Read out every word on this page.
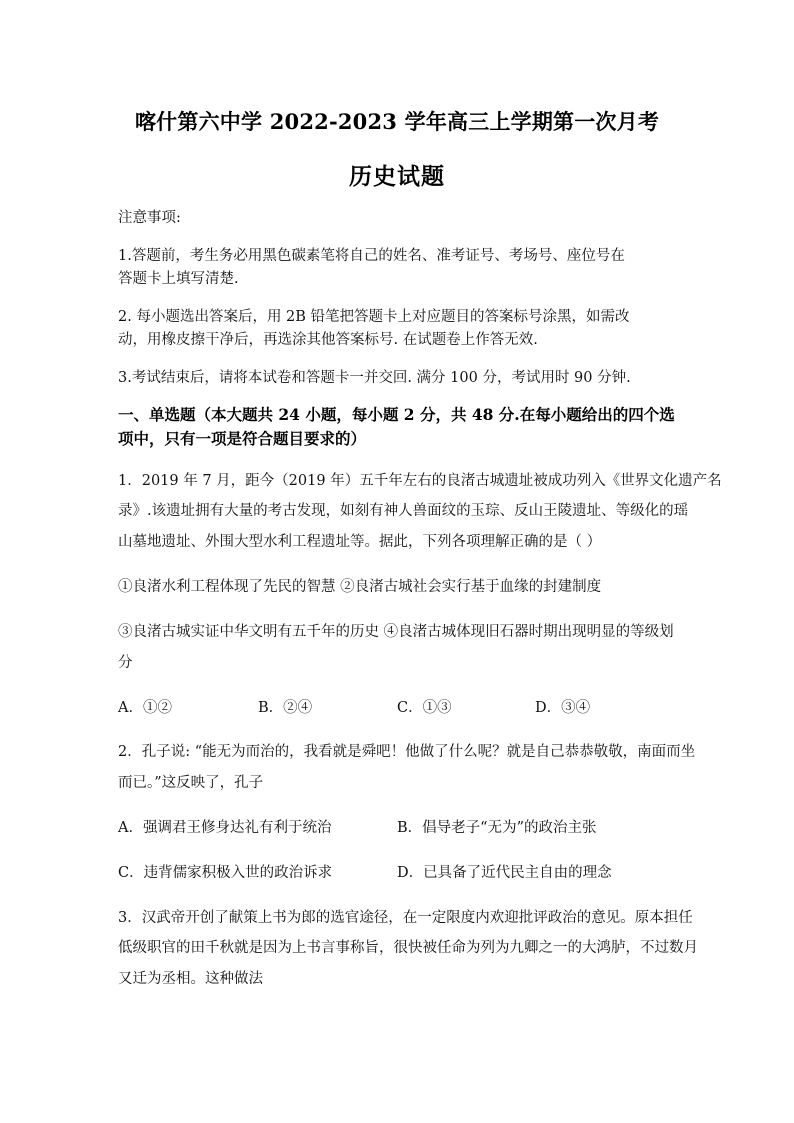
喀什第六中学 2022-2023 学年高三上学期第一次月考
历史试题
注意事项:
1.答题前，考生务必用黑色碳素笔将自己的姓名、准考证号、考场号、座位号在
答题卡上填写清楚.
2. 每小题选出答案后，用 2B 铅笔把答题卡上对应题目的答案标号涂黑，如需改
动，用橡皮擦干净后，再选涂其他答案标号. 在试题卷上作答无效.
3.考试结束后，请将本试卷和答题卡一并交回. 满分 100 分，考试用时 90 分钟.
一、单选题（本大题共 24 小题，每小题 2 分，共 48 分.在每小题给出的四个选
项中，只有一项是符合题目要求的）
1．2019 年 7 月，距今（2019 年）五千年左右的良渚古城遗址被成功列入《世界文化遗产名
录》.该遗址拥有大量的考古发现，如刻有神人兽面纹的玉琮、反山王陵遗址、等级化的瑶
山墓地遗址、外围大型水利工程遗址等。据此，下列各项理解正确的是（ ）
①良渚水利工程体现了先民的智慧 ②良渚古城社会实行基于血缘的封建制度
③良渚古城实证中华文明有五千年的历史 ④良渚古城体现旧石器时期出现明显的等级划
分
A．①②	B．②④	C．①③	D．③④
2．孔子说: “能无为而治的，我看就是舜吧！他做了什么呢？就是自己恭恭敬敬，南面而坐
而已。”这反映了，孔子
A．强调君王修身达礼有利于统治	B．倡导老子“无为”的政治主张
C．违背儒家积极入世的政治诉求	D．已具备了近代民主自由的理念
3．汉武帝开创了献策上书为郎的选官途径，在一定限度内欢迎批评政治的意见。原本担任
低级职官的田千秋就是因为上书言事称旨，很快被任命为列为九卿之一的大鸿胪，不过数月
又迁为丞相。这种做法
